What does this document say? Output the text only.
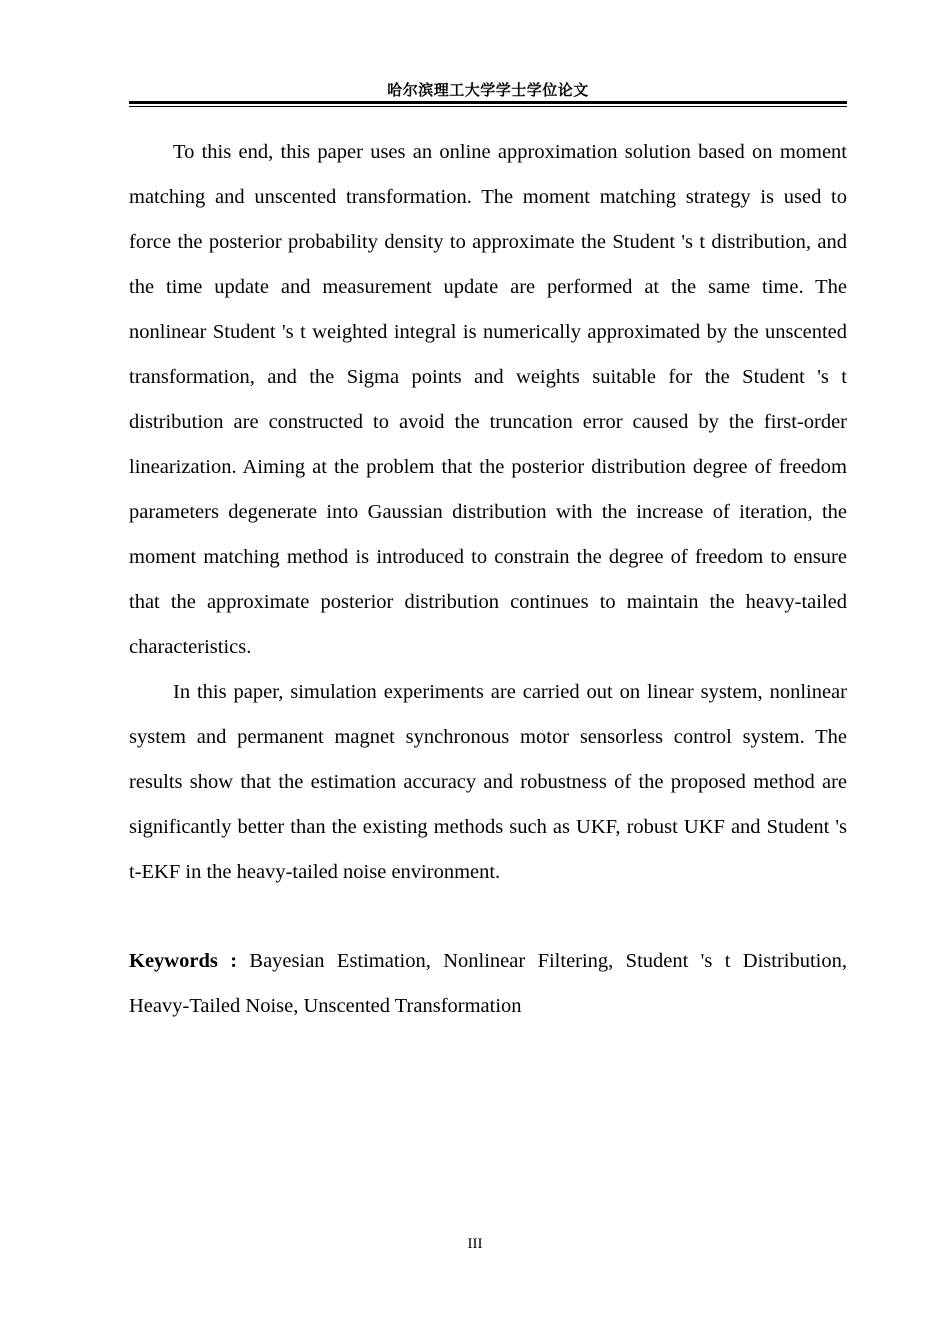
哈尔滨理工大学学士学位论文

To this end, this paper uses an online approximation solution based on moment matching and unscented transformation. The moment matching strategy is used to force the posterior probability density to approximate the Student 's t distribution, and the time update and measurement update are performed at the same time. The nonlinear Student 's t weighted integral is numerically approximated by the unscented transformation, and the Sigma points and weights suitable for the Student 's t distribution are constructed to avoid the truncation error caused by the first-order linearization. Aiming at the problem that the posterior distribution degree of freedom parameters degenerate into Gaussian distribution with the increase of iteration, the moment matching method is introduced to constrain the degree of freedom to ensure that the approximate posterior distribution continues to maintain the heavy-tailed characteristics.

In this paper, simulation experiments are carried out on linear system, nonlinear system and permanent magnet synchronous motor sensorless control system. The results show that the estimation accuracy and robustness of the proposed method are significantly better than the existing methods such as UKF, robust UKF and Student 's t-EKF in the heavy-tailed noise environment.

Keywords : Bayesian Estimation, Nonlinear Filtering, Student 's t Distribution, Heavy-Tailed Noise, Unscented Transformation
III
